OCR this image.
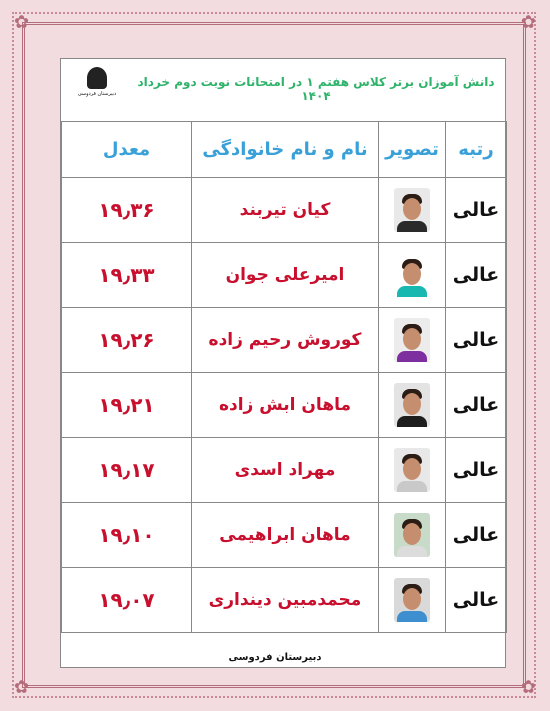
✿	✿
✿	✿
دبیرستان فردوسی
دانش آموزان برتر کلاس هفتم ۱ در امتحانات نوبت دوم خرداد ۱۴۰۴
رتبه	تصویر	نام و نام خانوادگی	معدل
عالی		کیان تیربند	۱۹٫۳۶
عالی		امیرعلی جوان	۱۹٫۳۳
عالی		کوروش رحیم زاده	۱۹٫۲۶
عالی		ماهان ابش زاده	۱۹٫۲۱
عالی		مهراد اسدی	۱۹٫۱۷
عالی		ماهان ابراهیمی	۱۹٫۱۰
عالی		محمدمبین دینداری	۱۹٫۰۷
دبیرستان فردوسی
